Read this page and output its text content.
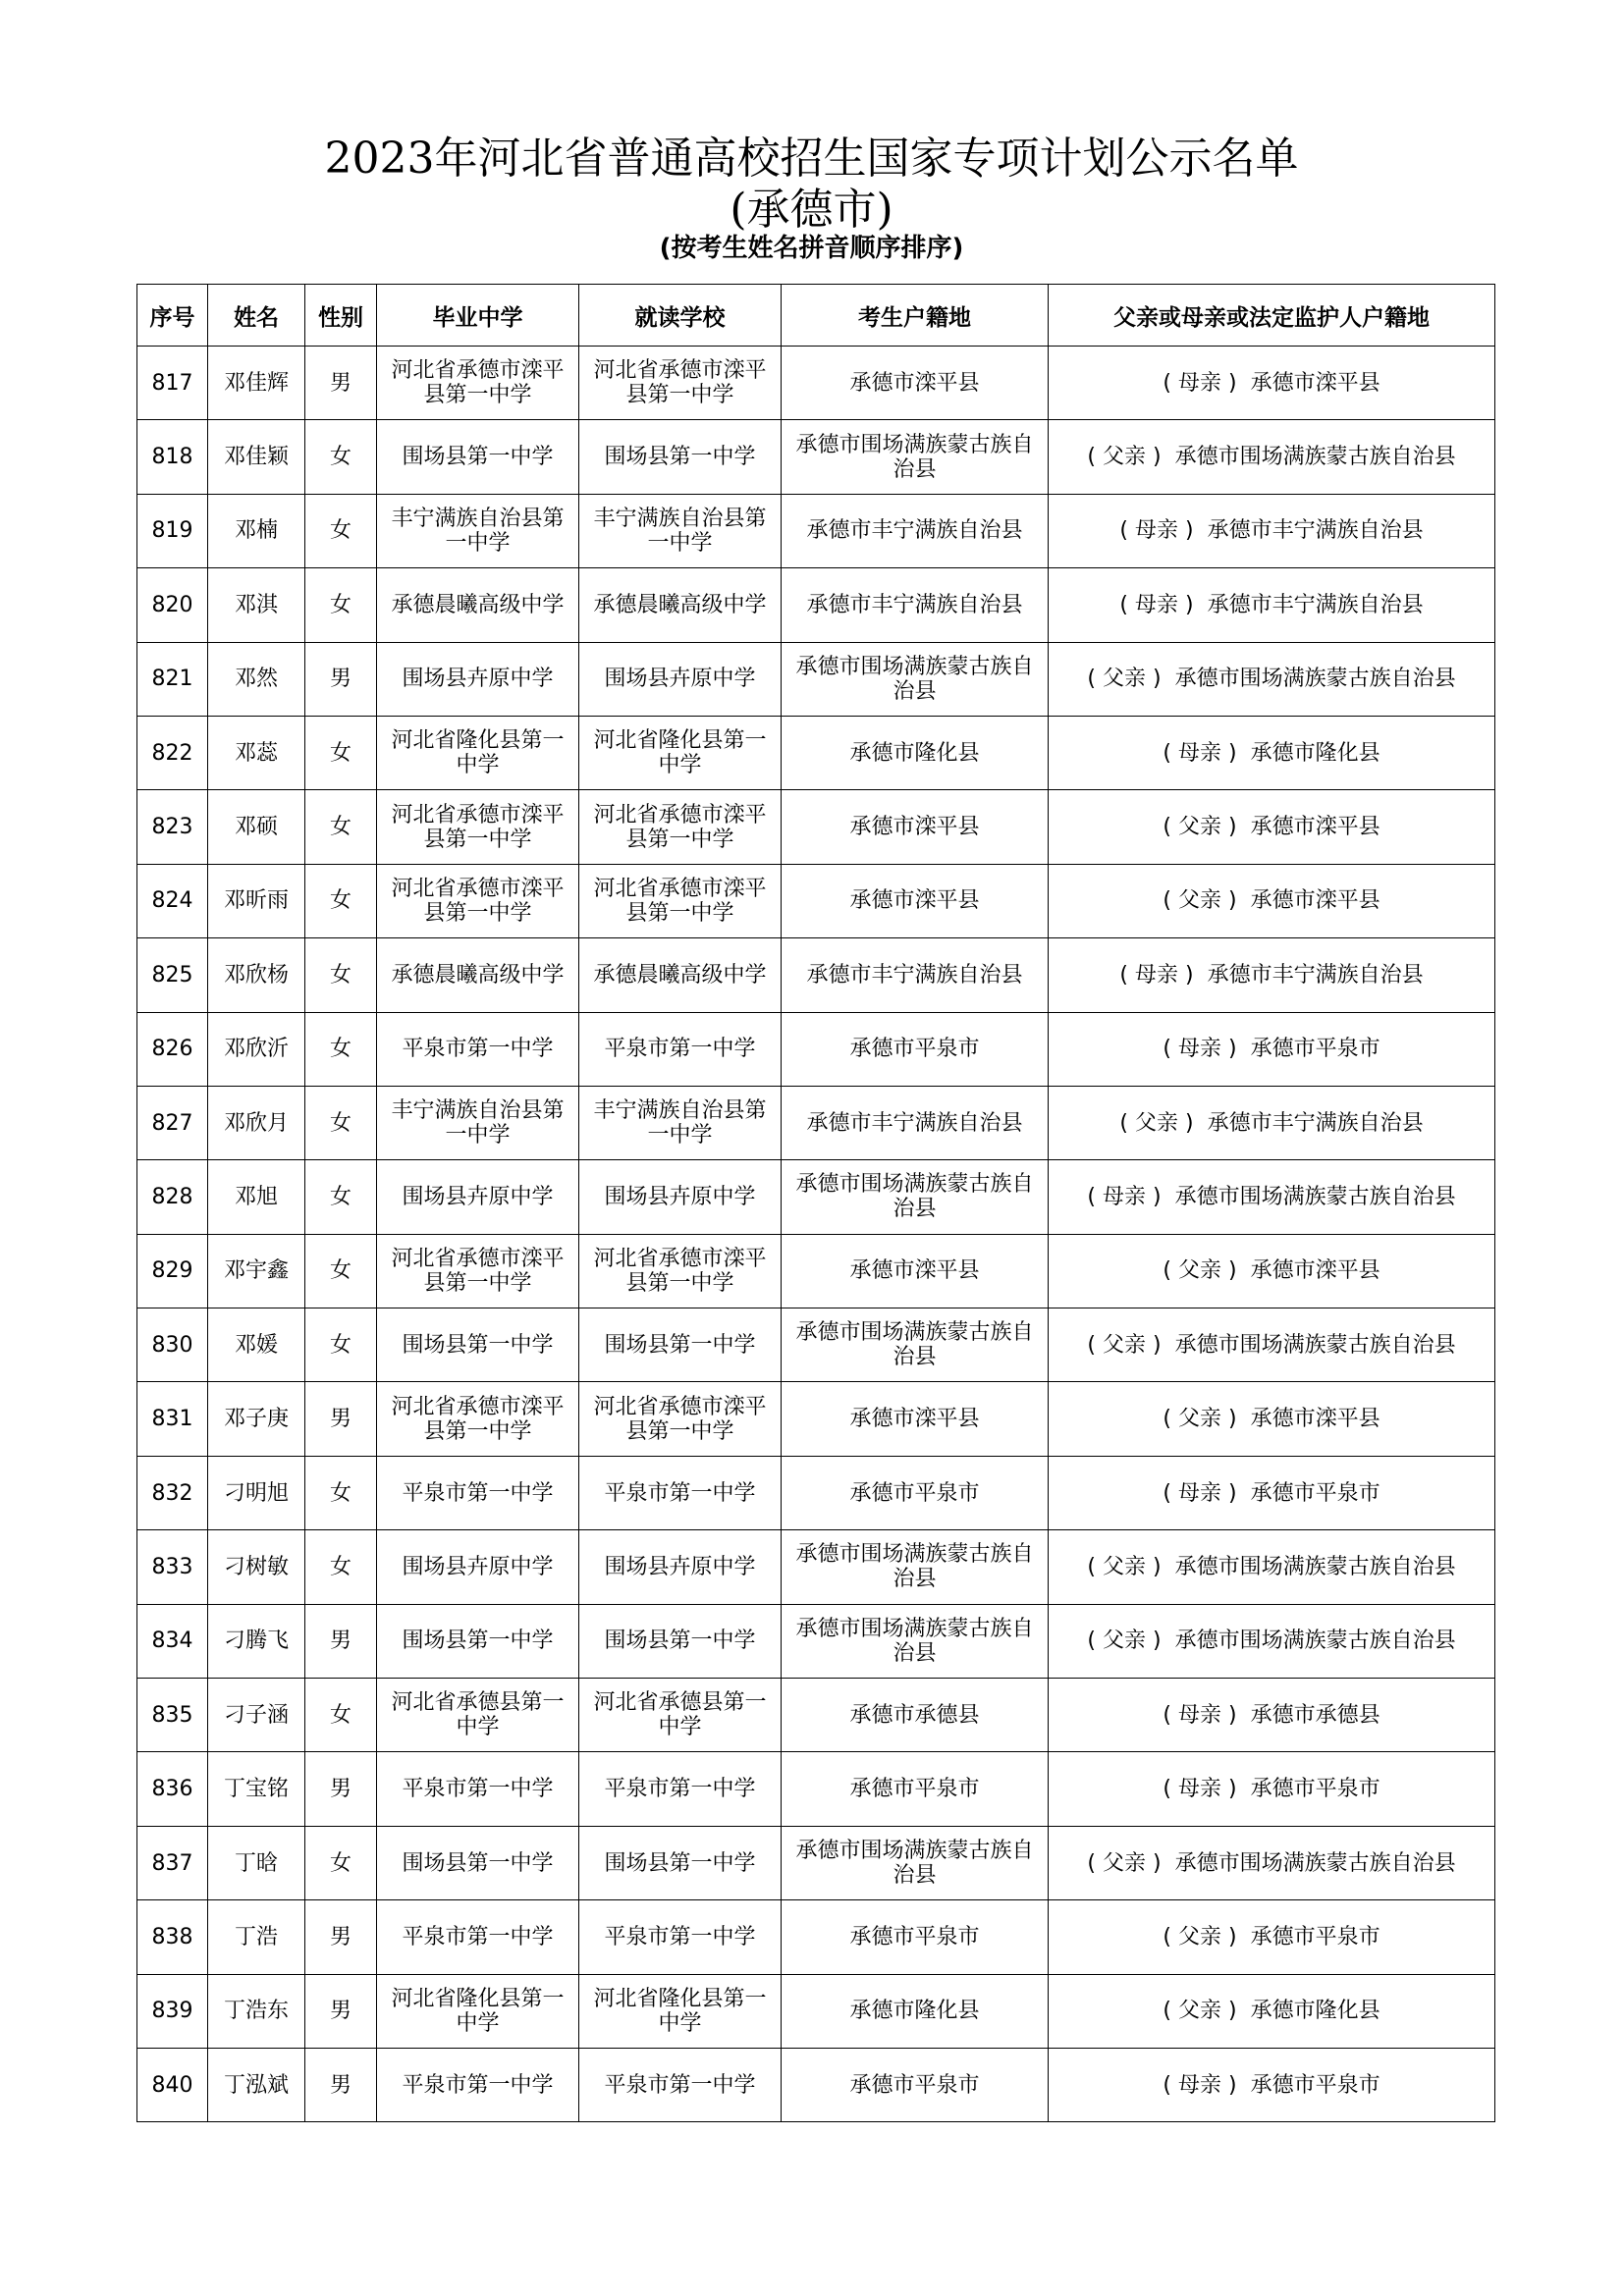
2023年河北省普通高校招生国家专项计划公示名单
(承德市)
(按考生姓名拼音顺序排序)
序号	姓名	性别	毕业中学	就读学校	考生户籍地	父亲或母亲或法定监护人户籍地
817	邓佳辉	男	河北省承德市滦平县第一中学	河北省承德市滦平县第一中学	承德市滦平县	( 母亲 ) 承德市滦平县
818	邓佳颖	女	围场县第一中学	围场县第一中学	承德市围场满族蒙古族自治县	( 父亲 ) 承德市围场满族蒙古族自治县
819	邓楠	女	丰宁满族自治县第一中学	丰宁满族自治县第一中学	承德市丰宁满族自治县	( 母亲 ) 承德市丰宁满族自治县
820	邓淇	女	承德晨曦高级中学	承德晨曦高级中学	承德市丰宁满族自治县	( 母亲 ) 承德市丰宁满族自治县
821	邓然	男	围场县卉原中学	围场县卉原中学	承德市围场满族蒙古族自治县	( 父亲 ) 承德市围场满族蒙古族自治县
822	邓蕊	女	河北省隆化县第一中学	河北省隆化县第一中学	承德市隆化县	( 母亲 ) 承德市隆化县
823	邓硕	女	河北省承德市滦平县第一中学	河北省承德市滦平县第一中学	承德市滦平县	( 父亲 ) 承德市滦平县
824	邓昕雨	女	河北省承德市滦平县第一中学	河北省承德市滦平县第一中学	承德市滦平县	( 父亲 ) 承德市滦平县
825	邓欣杨	女	承德晨曦高级中学	承德晨曦高级中学	承德市丰宁满族自治县	( 母亲 ) 承德市丰宁满族自治县
826	邓欣沂	女	平泉市第一中学	平泉市第一中学	承德市平泉市	( 母亲 ) 承德市平泉市
827	邓欣月	女	丰宁满族自治县第一中学	丰宁满族自治县第一中学	承德市丰宁满族自治县	( 父亲 ) 承德市丰宁满族自治县
828	邓旭	女	围场县卉原中学	围场县卉原中学	承德市围场满族蒙古族自治县	( 母亲 ) 承德市围场满族蒙古族自治县
829	邓宇鑫	女	河北省承德市滦平县第一中学	河北省承德市滦平县第一中学	承德市滦平县	( 父亲 ) 承德市滦平县
830	邓媛	女	围场县第一中学	围场县第一中学	承德市围场满族蒙古族自治县	( 父亲 ) 承德市围场满族蒙古族自治县
831	邓子庚	男	河北省承德市滦平县第一中学	河北省承德市滦平县第一中学	承德市滦平县	( 父亲 ) 承德市滦平县
832	刁明旭	女	平泉市第一中学	平泉市第一中学	承德市平泉市	( 母亲 ) 承德市平泉市
833	刁树敏	女	围场县卉原中学	围场县卉原中学	承德市围场满族蒙古族自治县	( 父亲 ) 承德市围场满族蒙古族自治县
834	刁腾飞	男	围场县第一中学	围场县第一中学	承德市围场满族蒙古族自治县	( 父亲 ) 承德市围场满族蒙古族自治县
835	刁子涵	女	河北省承德县第一中学	河北省承德县第一中学	承德市承德县	( 母亲 ) 承德市承德县
836	丁宝铭	男	平泉市第一中学	平泉市第一中学	承德市平泉市	( 母亲 ) 承德市平泉市
837	丁晗	女	围场县第一中学	围场县第一中学	承德市围场满族蒙古族自治县	( 父亲 ) 承德市围场满族蒙古族自治县
838	丁浩	男	平泉市第一中学	平泉市第一中学	承德市平泉市	( 父亲 ) 承德市平泉市
839	丁浩东	男	河北省隆化县第一中学	河北省隆化县第一中学	承德市隆化县	( 父亲 ) 承德市隆化县
840	丁泓斌	男	平泉市第一中学	平泉市第一中学	承德市平泉市	( 母亲 ) 承德市平泉市
